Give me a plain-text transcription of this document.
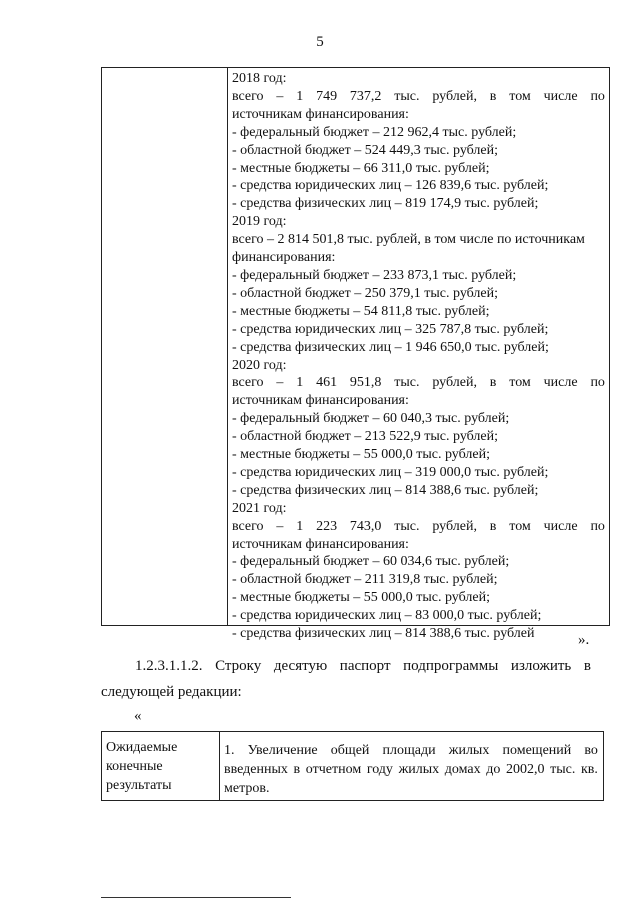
5
2018 год:
всего – 1 749 737,2 тыс. рублей, в том числе по
источникам финансирования:
- федеральный бюджет – 212 962,4 тыс. рублей;
- областной бюджет – 524 449,3 тыс. рублей;
- местные бюджеты – 66 311,0 тыс. рублей;
- средства юридических лиц – 126 839,6 тыс. рублей;
- средства физических лиц – 819 174,9 тыс. рублей;
2019 год:
всего – 2 814 501,8 тыс. рублей, в том числе по источникам
финансирования:
- федеральный бюджет – 233 873,1 тыс. рублей;
- областной бюджет – 250 379,1 тыс. рублей;
- местные бюджеты – 54 811,8 тыс. рублей;
- средства юридических лиц – 325 787,8 тыс. рублей;
- средства физических лиц – 1 946 650,0 тыс. рублей;
2020 год:
всего – 1 461 951,8 тыс. рублей, в том числе по
источникам финансирования:
- федеральный бюджет – 60 040,3 тыс. рублей;
- областной бюджет – 213 522,9 тыс. рублей;
- местные бюджеты – 55 000,0 тыс. рублей;
- средства юридических лиц – 319 000,0 тыс. рублей;
- средства физических лиц – 814 388,6 тыс. рублей;
2021 год:
всего – 1 223 743,0 тыс. рублей, в том числе по
источникам финансирования:
- федеральный бюджет – 60 034,6 тыс. рублей;
- областной бюджет – 211 319,8 тыс. рублей;
- местные бюджеты – 55 000,0 тыс. рублей;
- средства юридических лиц – 83 000,0 тыс. рублей;
- средства физических лиц – 814 388,6 тыс. рублей	».
1.2.3.1.1.2. Строку десятую паспорт подпрограммы изложить в
следующей редакции:
«
Ожидаемые
конечные
результаты
1. Увеличение общей площади жилых помещений во
введенных в отчетном году жилых домах до 2002,0 тыс. кв.
метров.
